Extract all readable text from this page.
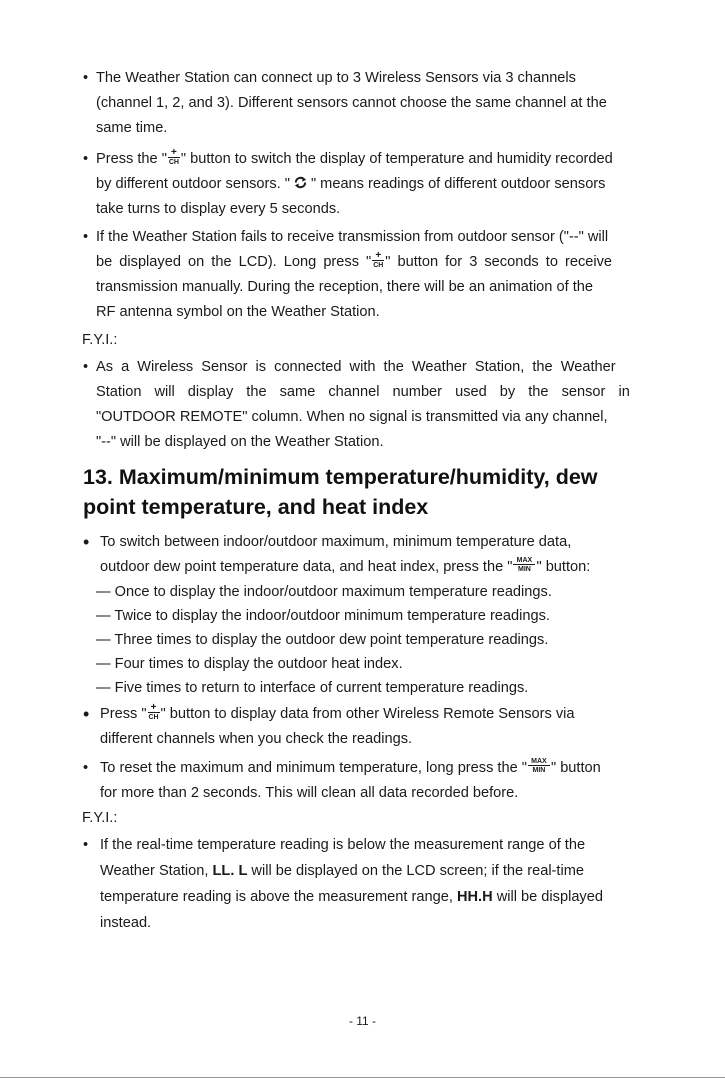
• The Weather Station can connect up to 3 Wireless Sensors via 3 channels
(channel 1, 2, and 3). Different sensors cannot choose the same channel at the
same time.
• Press the " +
CH " button to switch the display of temperature and humidity recorded
by different outdoor sensors. " " means readings of different outdoor sensors
take turns to display every 5 seconds.
• If the Weather Station fails to receive transmission from outdoor sensor ("--" will
be displayed on the LCD). Long press " +
CH " button for 3 seconds to receive
transmission manually. During the reception, there will be an animation of the
RF antenna symbol on the Weather Station.
F.Y.I.:
• As a Wireless Sensor is connected with the Weather Station, the Weather
Station will display the same channel number used by the sensor in
"OUTDOOR REMOTE" column. When no signal is transmitted via any channel,
"--" will be displayed on the Weather Station.
13. Maximum/minimum temperature/humidity, dew
point temperature, and heat index
• To switch between indoor/outdoor maximum, minimum temperature data,
outdoor dew point temperature data, and heat index, press the " MAX
MIN " button:
— Once to display the indoor/outdoor maximum temperature readings.
— Twice to display the indoor/outdoor minimum temperature readings.
— Three times to display the outdoor dew point temperature readings.
— Four times to display the outdoor heat index.
— Five times to return to interface of current temperature readings.
• Press " +
CH " button to display data from other Wireless Remote Sensors via
different channels when you check the readings.
• To reset the maximum and minimum temperature, long press the " MAX
MIN " button
for more than 2 seconds. This will clean all data recorded before.
F.Y.I.:
• If the real-time temperature reading is below the measurement range of the
Weather Station, LL. L will be displayed on the LCD screen; if the real-time
temperature reading is above the measurement range, HH.H will be displayed
instead.
- 11 -
